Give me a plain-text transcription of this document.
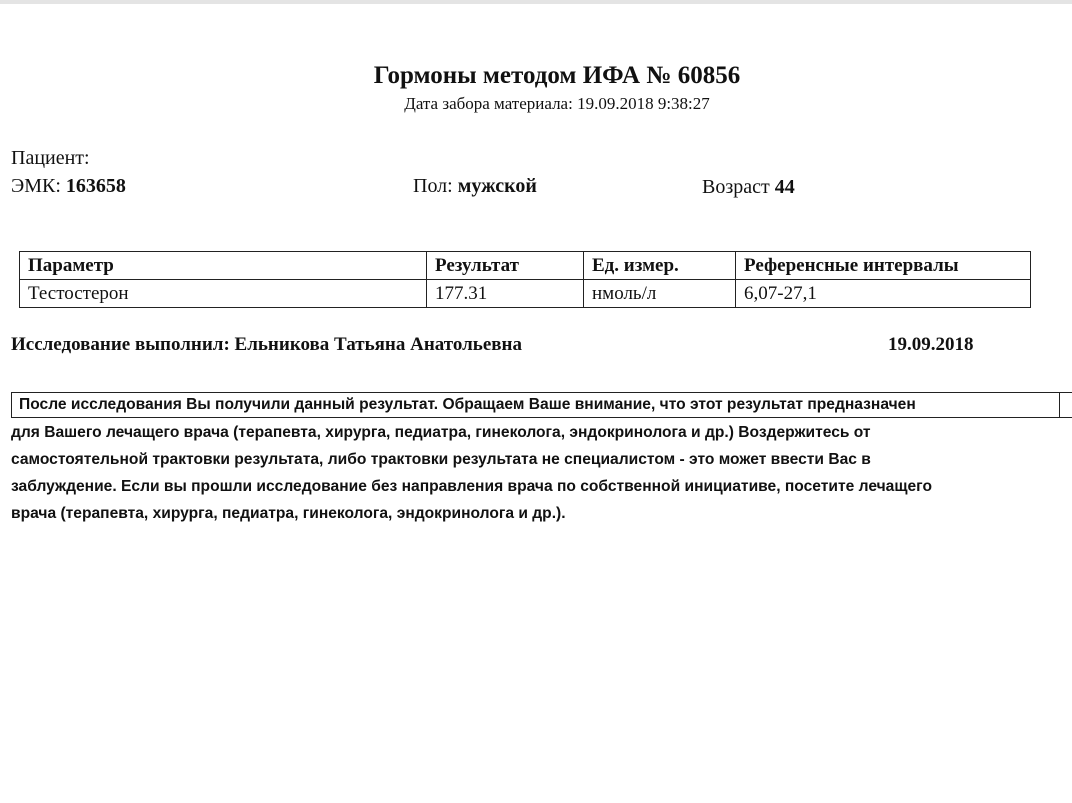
Гормоны методом ИФА № 60856
Дата забора материала: 19.09.2018 9:38:27
Пациент:
ЭМК: 163658	Пол: мужской	Возраст 44
Параметр	Результат	Ед. измер.	Референсные интервалы
Тестостерон	177.31	нмоль/л	6,07-27,1
Исследование выполнил: Ельникова Татьяна Анатольевна	19.09.2018
После исследования Вы получили данный результат. Обращаем Ваше внимание, что этот результат предназначен
для Вашего лечащего врача (терапевта, хирурга, педиатра, гинеколога, эндокринолога и др.) Воздержитесь от
самостоятельной трактовки результата, либо трактовки результата не специалистом - это может ввести Вас в
заблуждение. Если вы прошли исследование без направления врача по собственной инициативе, посетите лечащего
врача (терапевта, хирурга, педиатра, гинеколога, эндокринолога и др.).
